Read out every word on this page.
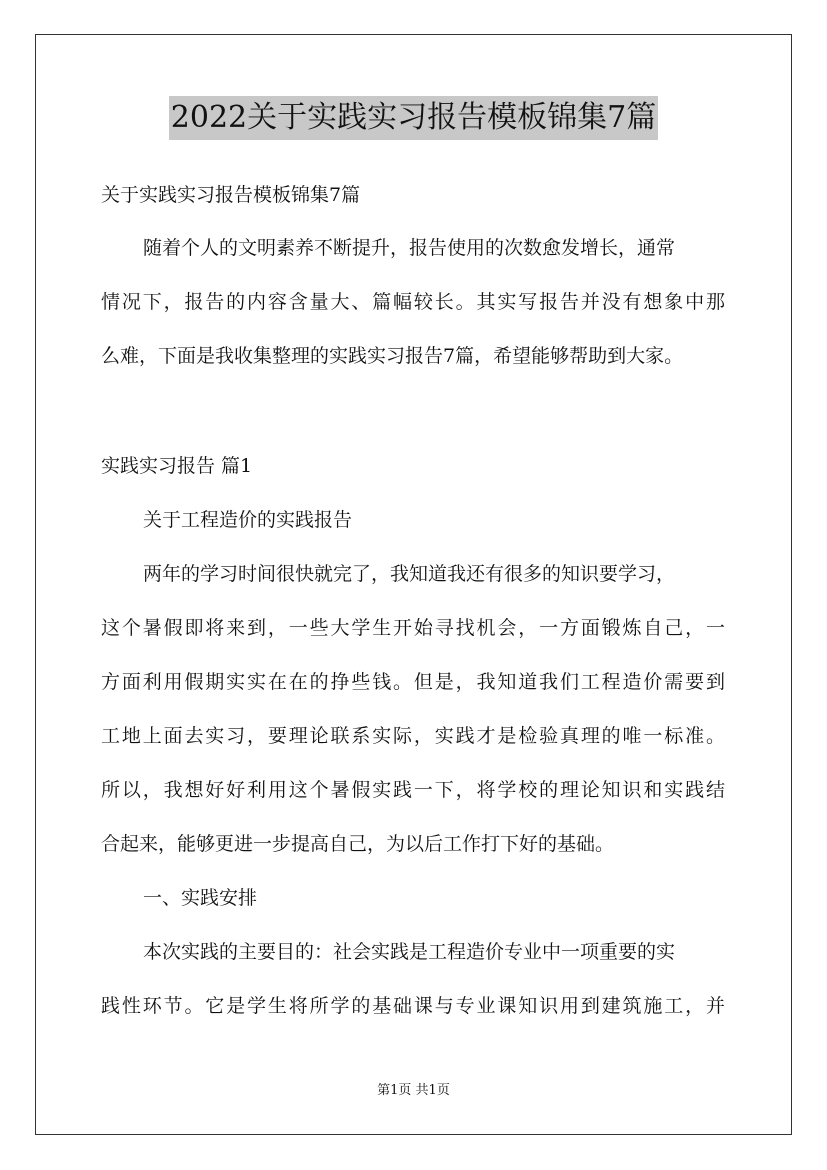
2022关于实践实习报告模板锦集7篇
关于实践实习报告模板锦集7篇
随着个人的文明素养不断提升，报告使用的次数愈发增长，通常
情况下，报告的内容含量大、篇幅较长。其实写报告并没有想象中那
么难，下面是我收集整理的实践实习报告7篇，希望能够帮助到大家。
实践实习报告 篇1
关于工程造价的实践报告
两年的学习时间很快就完了，我知道我还有很多的知识要学习，
这个暑假即将来到，一些大学生开始寻找机会，一方面锻炼自己，一
方面利用假期实实在在的挣些钱。但是，我知道我们工程造价需要到
工地上面去实习，要理论联系实际，实践才是检验真理的唯一标准。
所以，我想好好利用这个暑假实践一下，将学校的理论知识和实践结
合起来，能够更进一步提高自己，为以后工作打下好的基础。
一、实践安排
本次实践的主要目的：社会实践是工程造价专业中一项重要的实
践性环节。它是学生将所学的基础课与专业课知识用到建筑施工，并
第1页 共1页
